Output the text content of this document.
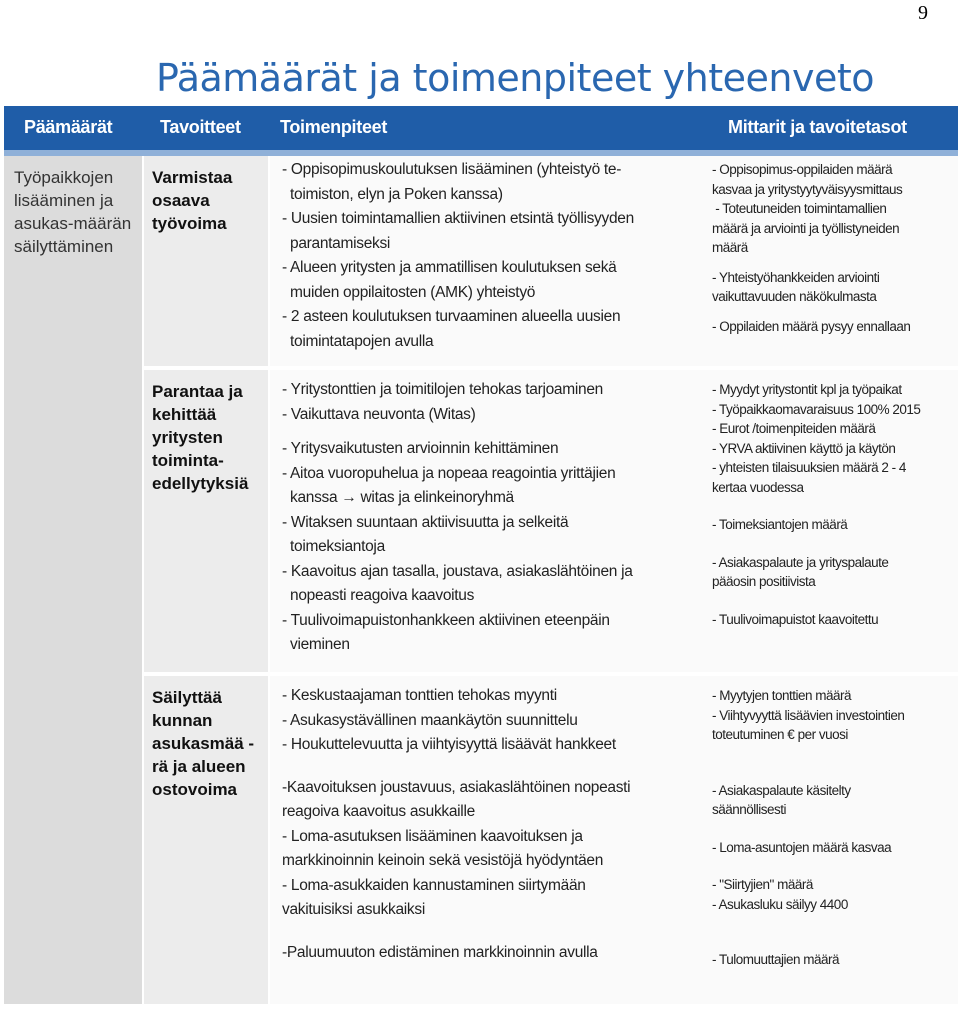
9
Päämäärät ja toimenpiteet yhteenveto
Päämäärät	Tavoitteet Toimenpiteet	Mittarit ja tavoitetasot
Työpaikkojen lisääminen ja asukas-määrän säilyttäminen
- Oppisopimuskoulutuksen lisääminen (yhteistyö te-
toimiston, elyn ja Poken kanssa)
- Uusien toimintamallien aktiivinen etsintä työllisyyden
parantamiseksi
- Alueen yritysten ja ammatillisen koulutuksen sekä
muiden oppilaitosten (AMK) yhteistyö
- 2 asteen koulutuksen turvaaminen alueella uusien
toimintatapojen avulla
- Oppisopimus-oppilaiden määrä
kasvaa ja yritystyytyväisyysmittaus
- Toteutuneiden toimintamallien
määrä ja arviointi ja työllistyneiden
määrä
- Yhteistyöhankkeiden arviointi
vaikuttavuuden näkökulmasta
- Oppilaiden määrä pysyy ennallaan
Varmistaa osaava työvoima
- Yritystonttien ja toimitilojen tehokas tarjoaminen
- Vaikuttava neuvonta (Witas)
- Yritysvaikutusten arvioinnin kehittäminen
- Aitoa vuoropuhelua ja nopeaa reagointia yrittäjien
kanssa → witas ja elinkeinoryhmä
- Witaksen suuntaan aktiivisuutta ja selkeitä
toimeksiantoja
- Kaavoitus ajan tasalla, joustava, asiakaslähtöinen ja
nopeasti reagoiva kaavoitus
- Tuulivoimapuistonhankkeen aktiivinen eteenpäin
vieminen
- Myydyt yritystontit kpl ja työpaikat
- Työpaikkaomavaraisuus 100% 2015
- Eurot /toimenpiteiden määrä
- YRVA aktiivinen käyttö ja käytön
- yhteisten tilaisuuksien määrä 2 - 4
kertaa vuodessa
- Toimeksiantojen määrä
- Asiakaspalaute ja yrityspalaute
pääosin positiivista
- Tuulivoimapuistot kaavoitettu
Parantaa ja kehittää yritysten toiminta-edellytyksiä
- Keskustaajaman tonttien tehokas myynti
- Asukasystävällinen maankäytön suunnittelu
- Houkuttelevuutta ja viihtyisyyttä lisäävät hankkeet
-Kaavoituksen joustavuus, asiakaslähtöinen nopeasti
reagoiva kaavoitus asukkaille
- Loma-asutuksen lisääminen kaavoituksen ja
markkinoinnin keinoin sekä vesistöjä hyödyntäen
- Loma-asukkaiden kannustaminen siirtymään
vakituisiksi asukkaiksi
-Paluumuuton edistäminen markkinoinnin avulla
- Myytyjen tonttien määrä
- Viihtyvyyttä lisäävien investointien
toteutuminen € per vuosi
- Asiakaspalaute käsitelty
säännöllisesti
- Loma-asuntojen määrä kasvaa
- "Siirtyjien" määrä
- Asukasluku säilyy 4400
- Tulomuuttajien määrä
Säilyttää kunnan asukasmää -rä ja alueen ostovoima
